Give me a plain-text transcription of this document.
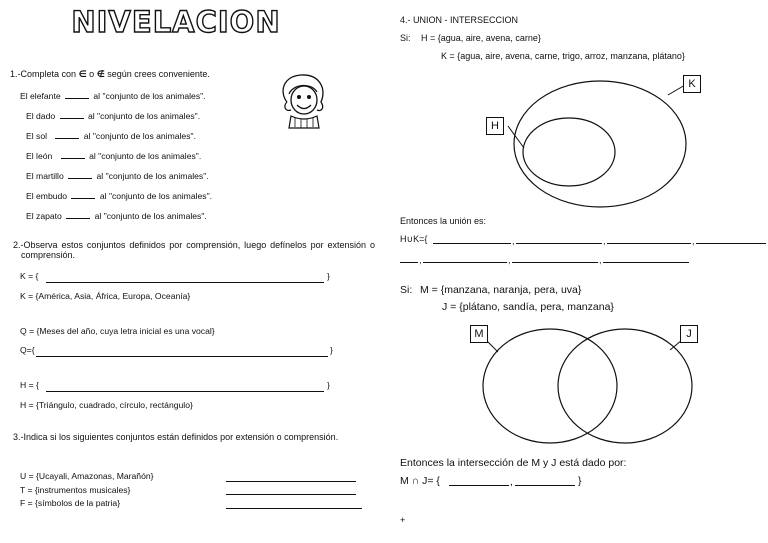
NIVELACION
1.-Completa con ∈ o ∉ según crees conveniente.
El elefante	al "conjunto de los animales".
El dado	al "conjunto de los animales".
El sol	al "conjunto de los animales".
El león	al "conjunto de los animales".
El martillo	al "conjunto de los animales".
El embudo	al "conjunto de los animales".
El zapato	al "conjunto de los animales".
2.-Observa estos conjuntos definidos por comprensión, luego defínelos por extensión o comprensión.
K = {	}
K = {América, Asia, África, Europa, Oceanía}
Q = {Meses del año, cuya letra inicial es una vocal}
Q={	}
H = {	}
H = {Triángulo, cuadrado, círculo, rectángulo}
3.-Indica si los siguientes conjuntos están definidos por extensión o comprensión.
U = {Ucayali, Amazonas, Marañón}
T = {instrumentos musicales}
F = {símbolos de la patria}
4.- UNION - INTERSECCION
Si: H = {agua, aire, avena, carne}
K = {agua, aire, avena, carne, trigo, arroz, manzana, plátano}
K
H
Entonces la unión es:
H∪K={	,	,	,
,	,	,
Si: M = {manzana, naranja, pera, uva}
J = {plátano, sandía, pera, manzana}
M	J
Entonces la intersección de M y J está dado por:
M ∩ J= {	,	}
+
